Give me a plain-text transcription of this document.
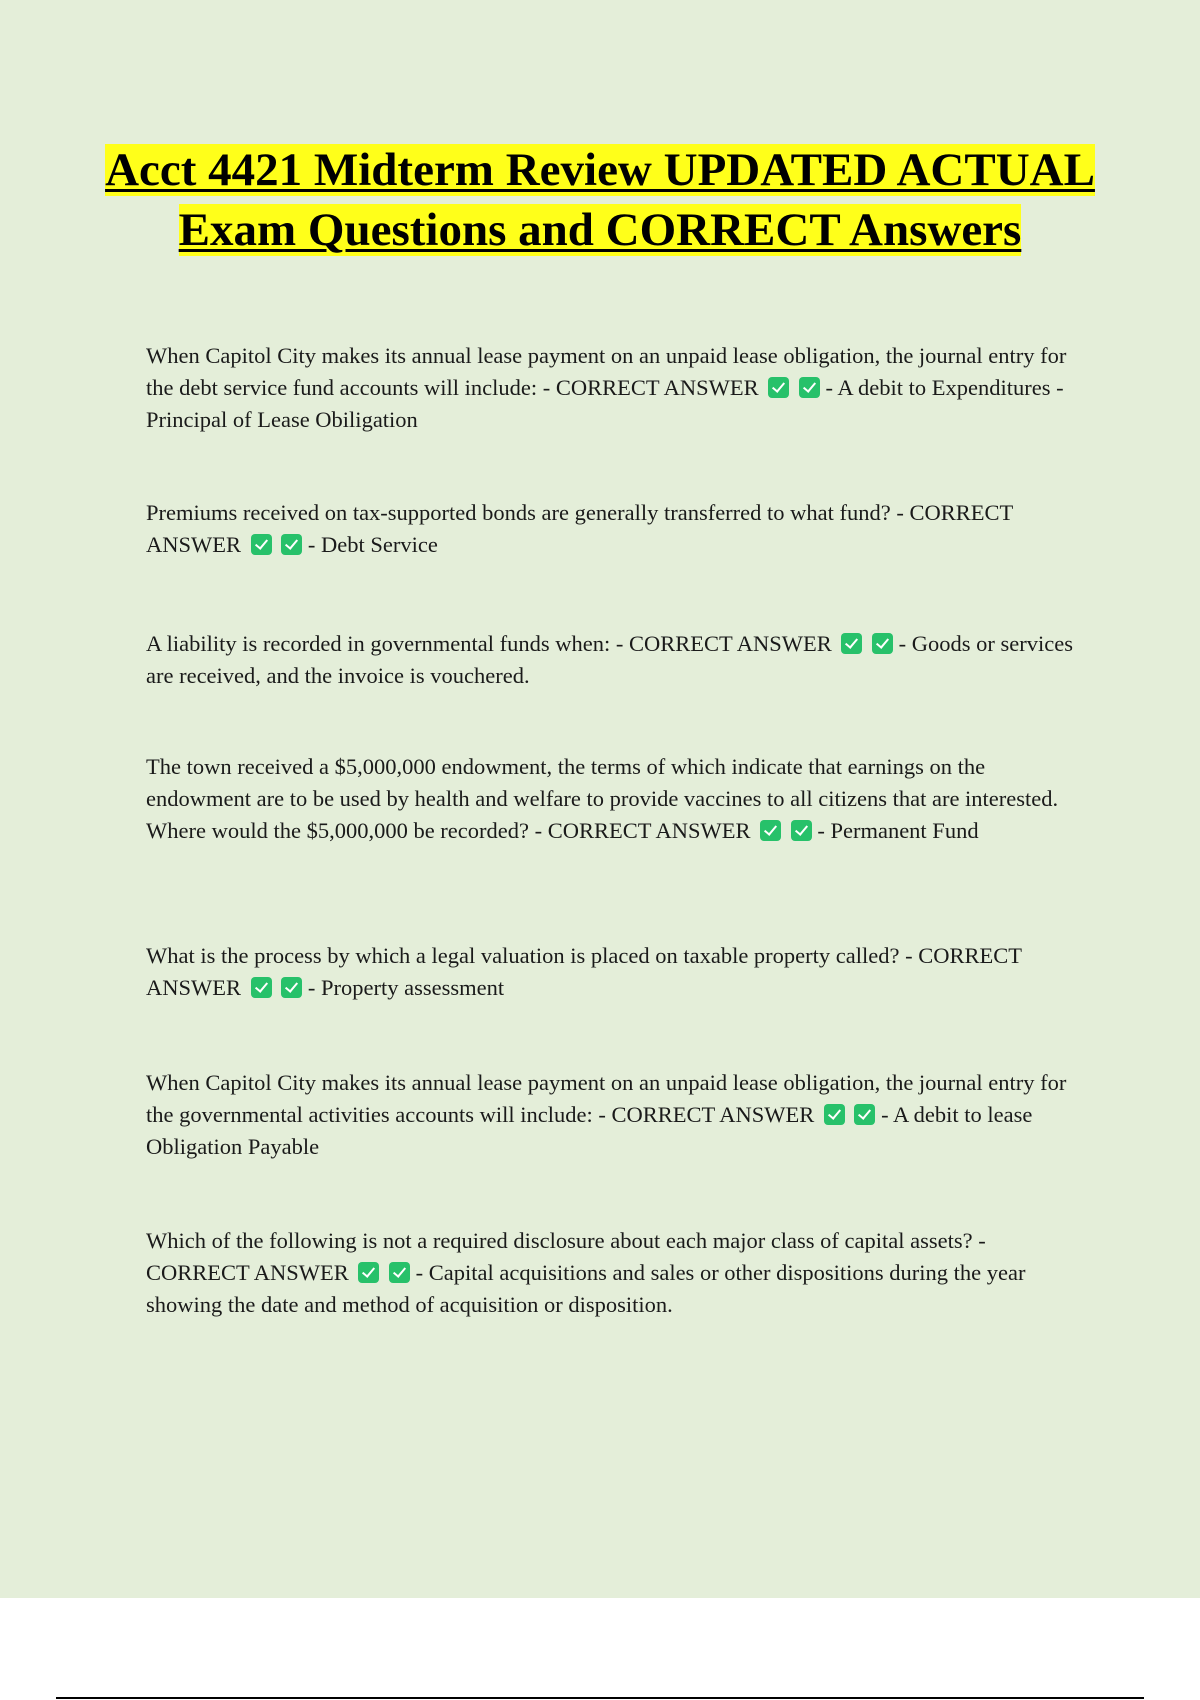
Acct 4421 Midterm Review UPDATED ACTUAL Exam Questions and CORRECT Answers

When Capitol City makes its annual lease payment on an unpaid lease obligation, the journal entry for the debt service fund accounts will include: - CORRECT ANSWER	- A debit to Expenditures - Principal of Lease Obiligation

Premiums received on tax-supported bonds are generally transferred to what fund? - CORRECT ANSWER	- Debt Service

A liability is recorded in governmental funds when: - CORRECT ANSWER	- Goods or services are received, and the invoice is vouchered.

The town received a $5,000,000 endowment, the terms of which indicate that earnings on the endowment are to be used by health and welfare to provide vaccines to all citizens that are interested. Where would the $5,000,000 be recorded? - CORRECT ANSWER	- Permanent Fund

What is the process by which a legal valuation is placed on taxable property called? - CORRECT ANSWER	- Property assessment

When Capitol City makes its annual lease payment on an unpaid lease obligation, the journal entry for the governmental activities accounts will include: - CORRECT ANSWER	- A debit to lease Obligation Payable

Which of the following is not a required disclosure about each major class of capital assets? - CORRECT ANSWER	- Capital acquisitions and sales or other dispositions during the year showing the date and method of acquisition or disposition.
